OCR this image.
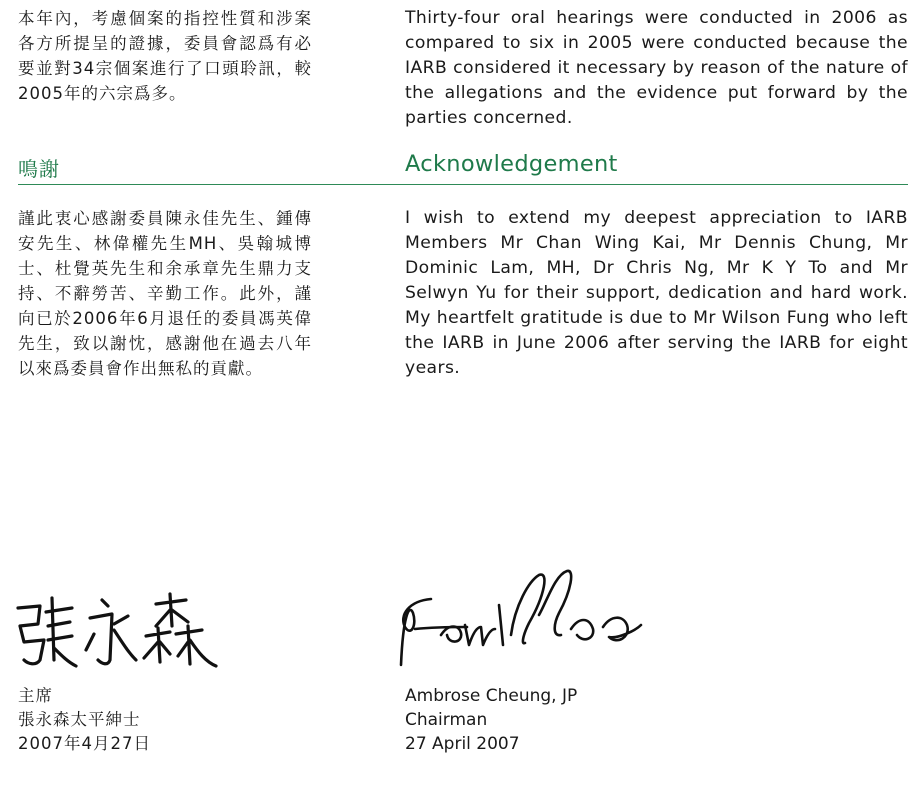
本年內，考慮個案的指控性質和涉案各方所提呈的證據，委員會認爲有必要並對34宗個案進行了口頭聆訊，較2005年的六宗爲多。
Thirty-four oral hearings were conducted in 2006 as compared to six in 2005 were conducted because the IARB considered it necessary by reason of the nature of the allegations and the evidence put forward by the parties concerned.
鳴謝	Acknowledgement
謹此衷心感謝委員陳永佳先生、鍾傳安先生、林偉權先生MH、吳翰城博士、杜覺英先生和余承章先生鼎力支持、不辭勞苦、辛勤工作。此外，謹向已於2006年6月退任的委員馮英偉先生，致以謝忱，感謝他在過去八年以來爲委員會作出無私的貢獻。
I wish to extend my deepest appreciation to IARB Members Mr Chan Wing Kai, Mr Dennis Chung, Mr Dominic Lam, MH, Dr Chris Ng, Mr K Y To and Mr Selwyn Yu for their support, dedication and hard work. My heartfelt gratitude is due to Mr Wilson Fung who left the IARB in June 2006 after serving the IARB for eight years.
主席
張永森太平紳士
2007年4月27日
Ambrose Cheung, JP
Chairman
27 April 2007
